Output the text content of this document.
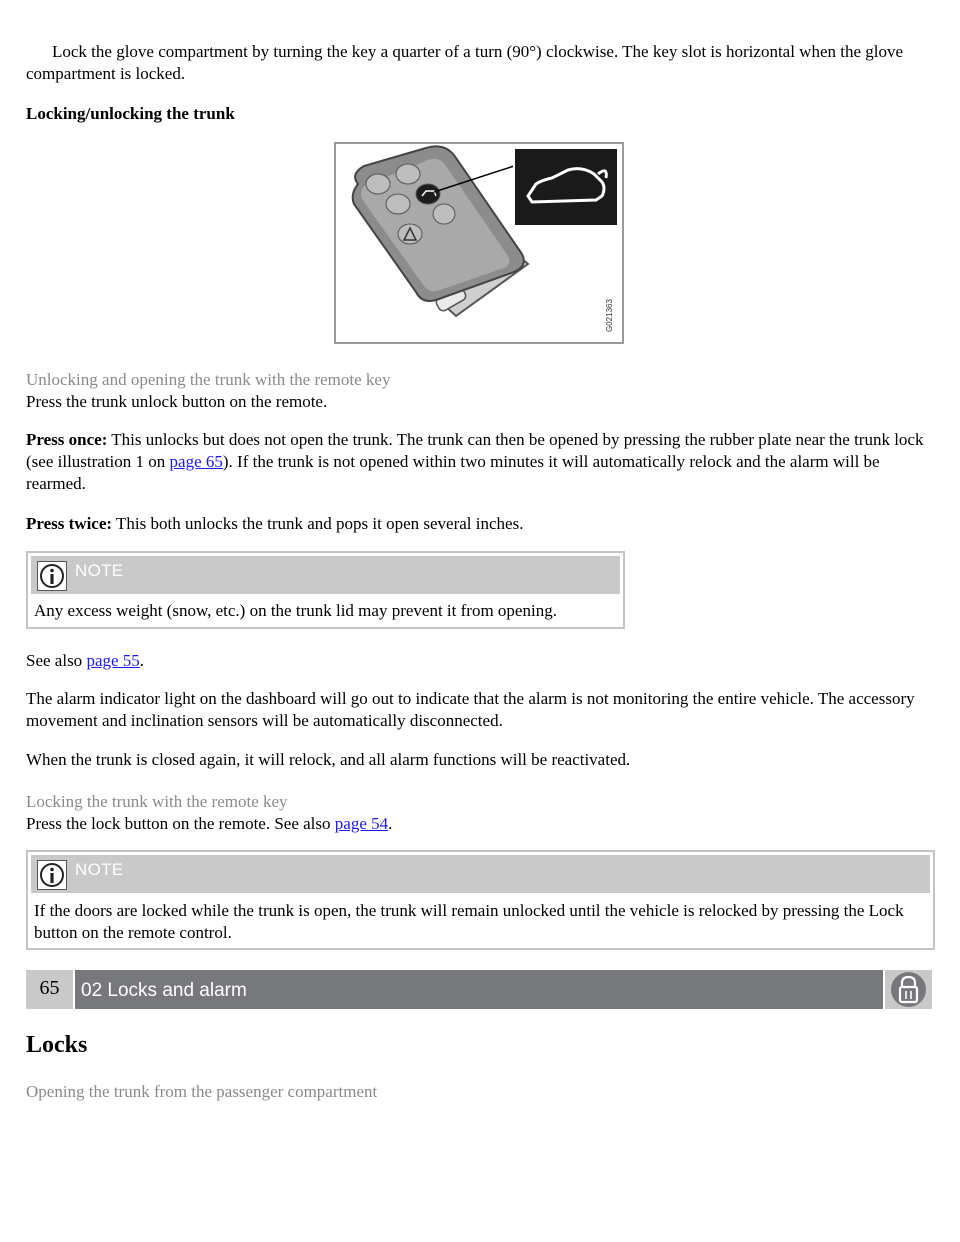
Lock the glove compartment by turning the key a quarter of a turn (90°) clockwise. The key slot is horizontal when the glove compartment is locked.

Locking/unlocking the trunk

G021363

Unlocking and opening the trunk with the remote key

Press the trunk unlock button on the remote.

Press once: This unlocks but does not open the trunk. The trunk can then be opened by pressing the rubber plate near the trunk lock (see illustration 1 on page 65). If the trunk is not opened within two minutes it will automatically relock and the alarm will be rearmed.

Press twice: This both unlocks the trunk and pops it open several inches.

NOTE

Any excess weight (snow, etc.) on the trunk lid may prevent it from opening.

See also page 55.

The alarm indicator light on the dashboard will go out to indicate that the alarm is not monitoring the entire vehicle. The accessory movement and inclination sensors will be automatically disconnected.

When the trunk is closed again, it will relock, and all alarm functions will be reactivated.

Locking the trunk with the remote key

Press the lock button on the remote. See also page 54.

NOTE

If the doors are locked while the trunk is open, the trunk will remain unlocked until the vehicle is relocked by pressing the Lock button on the remote control.

65	02 Locks and alarm

Locks

Opening the trunk from the passenger compartment
